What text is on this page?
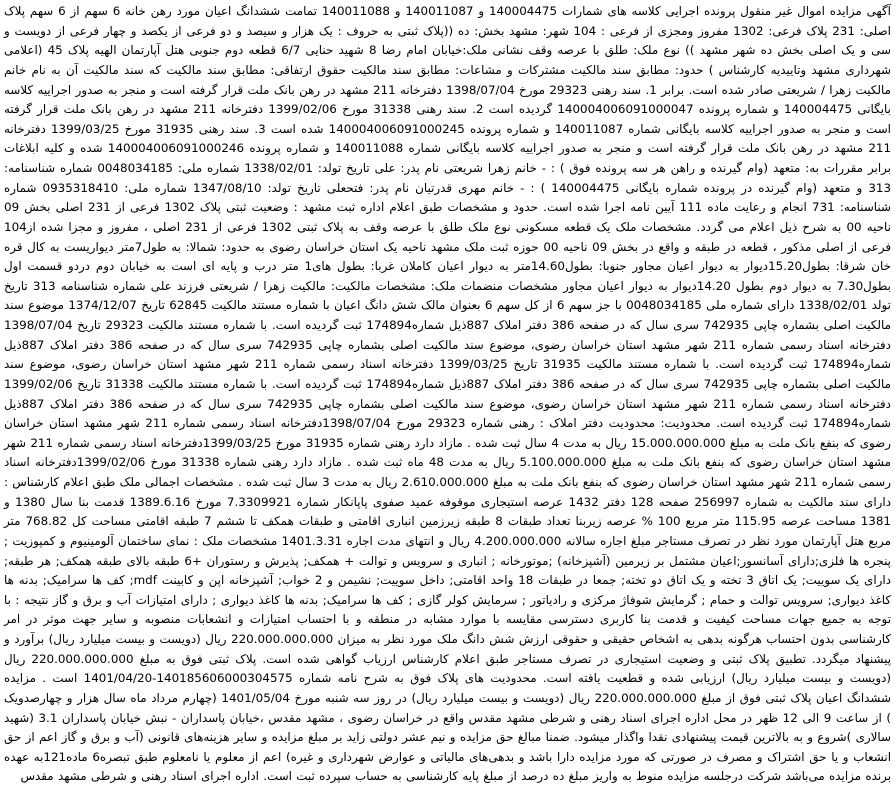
آگهی مزایده اموال غیر منقول پرونده اجرایی کلاسه های شمارات 140004475 و 140011087 و 140011088 تمامت ششدانگ اعیان مورد رهن خانه 6 سهم از 6 سهم پلاک اصلی: 231 پلاک فرعی: 1302 مفروز ومجزی از فرعی : 104 شهر: مشهد بخش: ده ((پلاک ثبتی به حروف : یک هزار و سیصد و دو فرعی از یکصد و چهار فرعی از دویست و سی و یک اصلی بخش ده شهر مشهد )) نوع ملک: طلق با عرصه وقف نشانی ملک:خیابان امام رضا 8 شهید حنایی 6/7 قطعه دوم جنوبی هتل آپارتمان الهیه پلاک 45 (اعلامی شهرداری مشهد وتاییدیه کارشناس ) حدود: مطابق سند مالکیت مشترکات و مشاعات: مطابق سند مالکیت حقوق ارتفاقی: مطابق سند مالکیت که سند مالکیت آن به نام خانم مالکیت زهرا / شریعتی صادر شده است. برابر 1. سند رهنی 29323 مورخ 1398/07/04 دفترخانه 211 مشهد در رهن بانک ملت قرار گرفته است و منجر به صدور اجراییه کلاسه بایگانی 140004475 و شماره پرونده 140004006091000047 گردیده است 2. سند رهنی 31338 مورخ 1399/02/06 دفترخانه 211 مشهد در رهن بانک ملت قرار گرفته است و منجر به صدور اجراییه کلاسه بایگانی شماره 140011087 و شماره پرونده 140004006091000245 شده است 3. سند رهنی 31935 مورخ 1399/03/25 دفترخانه 211 مشهد در رهن بانک ملت قرار گرفته است و منجر به صدور اجراییه کلاسه بایگانی شماره 140011088 و شماره پرونده 140004006091000246 شده و کلیه ابلاغات برابر مقررات به: متعهد (وام گیرنده و راهن هر سه پرونده فوق ) : - خانم زهرا شریعتی نام پدر: علی تاریخ تولد: 1338/02/01 شماره ملی: 0048034185 شماره شناسنامه: 313 و متعهد (وام گیرنده در پرونده شماره بایگانی 140004475 ) : - خانم مهری قدرتیان نام پدر: فتحعلی تاریخ تولد: 1347/08/10 شماره ملی: 0935318410 شماره شناسنامه: 731 انجام و رعایت ماده 111 آیین نامه اجرا شده است. حدود و مشخصات طبق اعلام اداره ثبت مشهد : وضعیت ثبتی پلاک 1302 فرعی از 231 اصلی بخش 09 ناحیه 00 به شرح ذیل اعلام می گردد. مشخصات ملک یک قطعه مسکونی نوع ملک طلق با عرصه وقف به پلاک ثبتی 1302 فرعی از 231 اصلی ، مفروز و مجزا شده از104 فرعی از اصلی مذکور ، قطعه در طبقه و واقع در بخش 09 ناحیه 00 حوزه ثبت ملک مشهد ناحیه یک استان خراسان رضوی به حدود: شمالا: به طول7متر دیواریست به کال قره خان شرقا: بطول15.20دیوار به دیوار اعیان مجاور جنوبا: بطول14.60متر به دیوار اعیان کاملان غربا: بطول های1 متر درب و پایه ای است به خیابان دوم دردو قسمت اول بطول7.30 به دیوار دوم بطول 14.20دیوار به دیوار اعیان مجاور مشخصات منضمات ملک: مشخصات مالکیت: مالکیت زهرا / شریعتی فرزند علی شماره شناسنامه 313 تاریخ تولد 1338/02/01 دارای شماره ملی 0048034185 با جز سهم 6 از کل سهم 6 بعنوان مالک شش دانگ اعیان با شماره مستند مالکیت 62845 تاریخ 1374/12/07 موضوع سند مالکیت اصلی بشماره چاپی 742935 سری سال که در صفحه 386 دفتر املاک 887ذیل شماره174894 ثبت گردیده است. با شماره مستند مالکیت 29323 تاریخ 1398/07/04 دفترخانه اسناد رسمی شماره 211 شهر مشهد استان خراسان رضوی، موضوع سند مالکیت اصلی بشماره چاپی 742935 سری سال که در صفحه 386 دفتر املاک 887ذیل شماره174894 ثبت گردیده است. با شماره مستند مالکیت 31935 تاریخ 1399/03/25 دفترخانه اسناد رسمی شماره 211 شهر مشهد استان خراسان رضوی، موضوع سند مالکیت اصلی بشماره چاپی 742935 سری سال که در صفحه 386 دفتر املاک 887ذیل شماره174894 ثبت گردیده است. با شماره مستند مالکیت 31338 تاریخ 1399/02/06 دفترخانه اسناد رسمی شماره 211 شهر مشهد استان خراسان رضوی، موضوع سند مالکیت اصلی بشماره چاپی 742935 سری سال که در صفحه 386 دفتر املاک 887ذیل شماره174894 ثبت گردیده است. محدودیت: محدودیت دفتر املاک : رهنی شماره 29323 مورخ 1398/07/04دفترخانه اسناد رسمی شماره 211 شهر مشهد استان خراسان رضوی که بنفع بانک ملت به مبلغ 15.000.000.000 ریال به مدت 4 سال ثبت شده . مازاد دارد رهنی شماره 31935 مورخ 1399/03/25دفترخانه اسناد رسمی شماره 211 شهر مشهد استان خراسان رضوی که بنفع بانک ملت به مبلغ 5.100.000.000 ریال به مدت 48 ماه ثبت شده . مازاد دارد رهنی شماره 31338 مورخ 1399/02/06دفترخانه اسناد رسمی شماره 211 شهر مشهد استان خراسان رضوی که بنفع بانک ملت به مبلغ 2.610.000.000 ریال به مدت 3 سال ثبت شده . مشخصات اجمالی ملک طبق اعلام کارشناس : دارای سند مالکیت به شماره 256997 صفحه 128 دفتر 1432 عرصه استیجاری موقوفه عمید صفوی پاپانکار شماره 7.3309921 مورخ 1389.6.16 قدمت بنا سال 1380 و 1381 مساحت عرصه 115.95 متر مربع 100 % عرصه زیربنا تعداد طبقات 8 طبقه زیرزمین انباری اقامتی و طبقات همکف تا ششم 7 طبقه اقامتی مساحت کل 768.82 متر مربع هتل آپارتمان مورد نظر در تصرف مستاجر مبلغ اجاره سالانه 4.200.000.000 ریال و انتهای مدت اجاره 1401.3.31 مشخصات ملک : نمای ساختمان آلومینیوم و کمپوزیت ; پنجره ها فلزی;دارای آسانسور;اعیان مشتمل بر زیرمین (آشپزخانه) ;موتورخانه ; انباری و سرویس و توالت + همکف; پذیرش و رستوران +6 طبقه بالای طبقه همکف; هر طبقه; دارای یک سوییت; یک اتاق 3 تخته و یک اتاق دو تخته; جمعا در طبقات 18 واحد اقامتی; داخل سوییت; نشیمن و 2 خواب; آشپزخانه اپن و کابینت mdf; کف ها سرامیک; بدنه ها کاغذ دیواری; سرویس توالت و حمام ; گرمایش شوفاژ مرکزی و رادیاتور ; سرمایش کولر گازی ; کف ها سرامیک; بدنه ها کاغذ دیواری ; دارای امتیازات آب و برق و گاز نتیجه : با توجه به جمیع جهات مساحت کیفیت و قدمت بنا کاربری دسترسی مقایسه با موارد مشابه در منطقه و با احتساب امتیازات و انشعابات منصوبه و سایر جهت موثر در امر کارشناسی بدون احتساب هرگونه بدهی به اشخاص حقیقی و حقوقی ارزش شش دانگ ملک مورد نظر به میزان 220.000.000.000 ریال (دویست و بیست میلیارد ریال) برآورد و پیشنهاد میگردد. تطبیق پلاک ثبتی و وضعیت استیجاری در تصرف مستاجر طبق اعلام کارشناس ارزیاب گواهی شده است. پلاک ثبتی فوق به مبلغ 220.000.000.000 ریال (دویست و بیست میلیارد ریال) ارزیابی شده و قطعیت یافته است. محدودیت های پلاک فوق به شرح نامه شماره 140185606000304575-1401/04/20 است . مزایده ششدانگ اعیان پلاک ثبتی فوق از مبلغ 220.000.000.000 ریال (دویست و بیست میلیارد ریال) در روز سه شنبه مورخ 1401/05/04 (چهارم مرداد ماه سال هزار و چهارصدویک ) از ساعت 9 الی 12 ظهر در محل اداره اجرای اسناد رهنی و شرطی مشهد مقدس واقع در خراسان رضوی ، مشهد مقدس ،خیابان پاسداران - نبش خیابان پاسداران 3.1 (شهید سالاری )شروع و به بالاترین قیمت پیشنهادی نقدا واگذار میشود. ضمنا مبالغ حق مزایده و نیم عشر دولتی زاید بر مبلغ مزایده و سایر هزینه‌های قانونی (آب و برق و گاز اعم از حق انشعاب و یا حق اشتراک و مصرف در صورتی که مورد مزایده دارا باشد و بدهی‌های مالیاتی و عوارض شهرداری و غیره) اعم از معلوم یا نامعلوم طبق تبصره6 ماده121به عهده برنده مزایده می‌باشد شرکت درجلسه مزایده منوط به واریز مبلغ ده درصد از مبلغ پایه کارشناسی به حساب سپرده ثبت است. اداره اجرای اسناد رهنی و شرطی مشهد مقدس
